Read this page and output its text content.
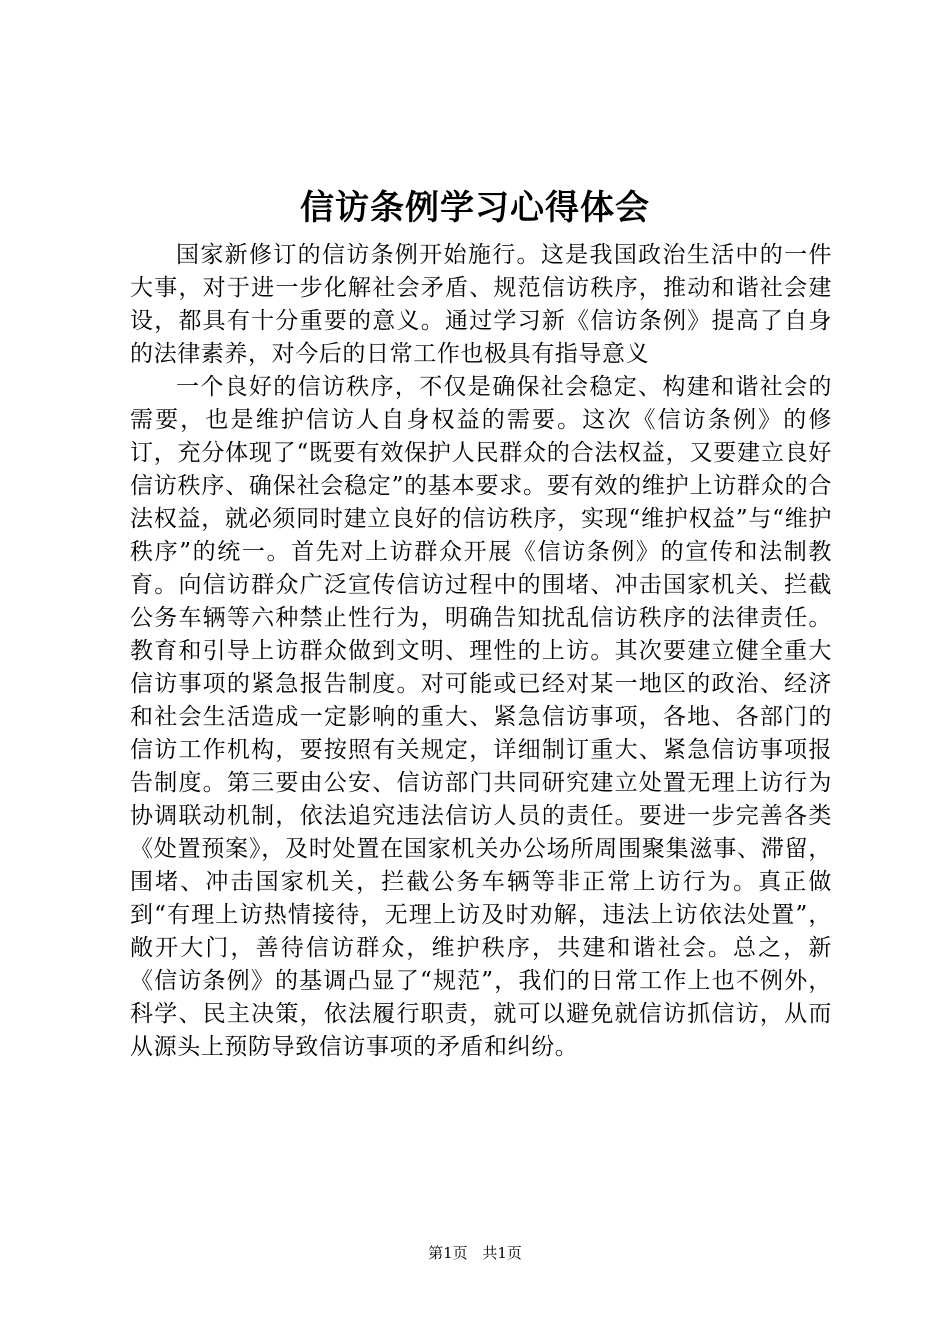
信访条例学习心得体会

国家新修订的信访条例开始施行。这是我国政治生活中的一件大事，对于进一步化解社会矛盾、规范信访秩序，推动和谐社会建设，都具有十分重要的意义。通过学习新《信访条例》提高了自身的法律素养，对今后的日常工作也极具有指导意义

一个良好的信访秩序，不仅是确保社会稳定、构建和谐社会的需要，也是维护信访人自身权益的需要。这次《信访条例》的修订，充分体现了“既要有效保护人民群众的合法权益，又要建立良好信访秩序、确保社会稳定”的基本要求。要有效的维护上访群众的合法权益，就必须同时建立良好的信访秩序，实现“维护权益”与“维护秩序”的统一。首先对上访群众开展《信访条例》的宣传和法制教育。向信访群众广泛宣传信访过程中的围堵、冲击国家机关、拦截公务车辆等六种禁止性行为，明确告知扰乱信访秩序的法律责任。教育和引导上访群众做到文明、理性的上访。其次要建立健全重大信访事项的紧急报告制度。对可能或已经对某一地区的政治、经济和社会生活造成一定影响的重大、紧急信访事项，各地、各部门的信访工作机构，要按照有关规定，详细制订重大、紧急信访事项报告制度。第三要由公安、信访部门共同研究建立处置无理上访行为协调联动机制，依法追究违法信访人员的责任。要进一步完善各类《处置预案》，及时处置在国家机关办公场所周围聚集滋事、滞留，围堵、冲击国家机关，拦截公务车辆等非正常上访行为。真正做到“有理上访热情接待，无理上访及时劝解，违法上访依法处置”，敞开大门，善待信访群众，维护秩序，共建和谐社会。总之，新《信访条例》的基调凸显了“规范”，我们的日常工作上也不例外，科学、民主决策，依法履行职责，就可以避免就信访抓信访，从而从源头上预防导致信访事项的矛盾和纠纷。

第1页 共1页
